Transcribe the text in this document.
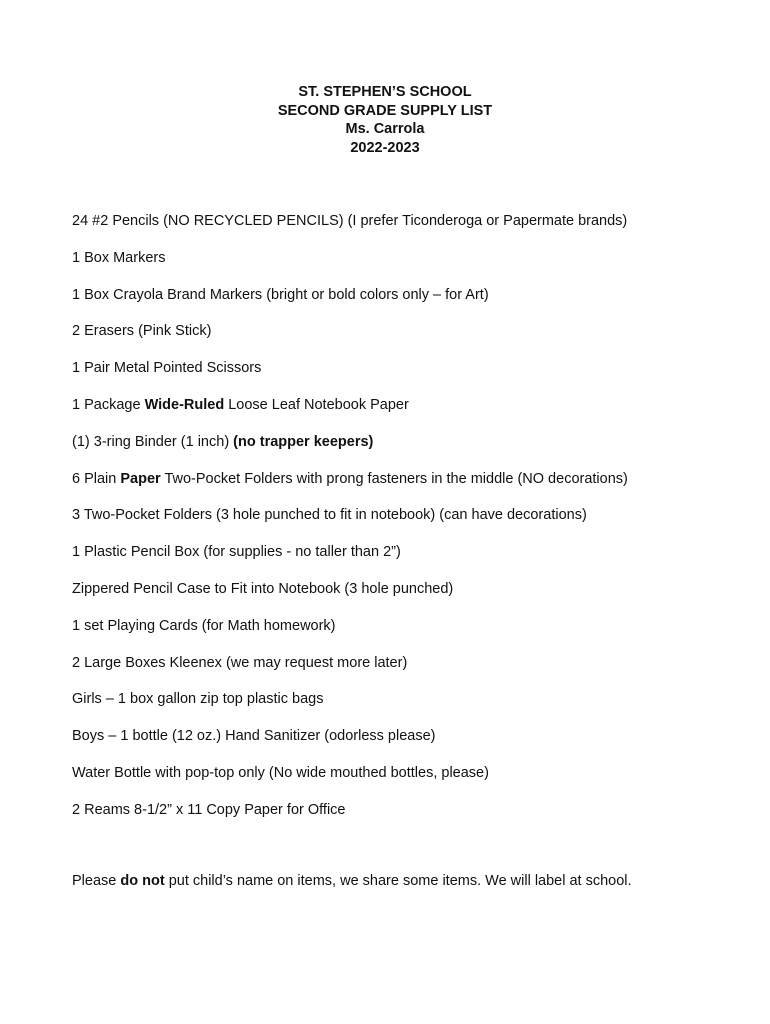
ST. STEPHEN’S SCHOOL
SECOND GRADE SUPPLY LIST
Ms. Carrola
2022-2023
24 #2 Pencils (NO RECYCLED PENCILS) (I prefer Ticonderoga or Papermate brands)
1 Box Markers
1 Box Crayola Brand Markers (bright or bold colors only – for Art)
2 Erasers (Pink Stick)
1 Pair Metal Pointed Scissors
1 Package Wide-Ruled Loose Leaf Notebook Paper
(1) 3-ring Binder (1 inch) (no trapper keepers)
6 Plain Paper Two-Pocket Folders with prong fasteners in the middle (NO decorations)
3 Two-Pocket Folders (3 hole punched to fit in notebook) (can have decorations)
1 Plastic Pencil Box (for supplies - no taller than 2”)
Zippered Pencil Case to Fit into Notebook (3 hole punched)
1 set Playing Cards (for Math homework)
2 Large Boxes Kleenex (we may request more later)
Girls – 1 box gallon zip top plastic bags
Boys – 1 bottle (12 oz.) Hand Sanitizer (odorless please)
Water Bottle with pop-top only (No wide mouthed bottles, please)
2 Reams 8-1/2” x 11 Copy Paper for Office

Please do not put child’s name on items, we share some items. We will label at school.
